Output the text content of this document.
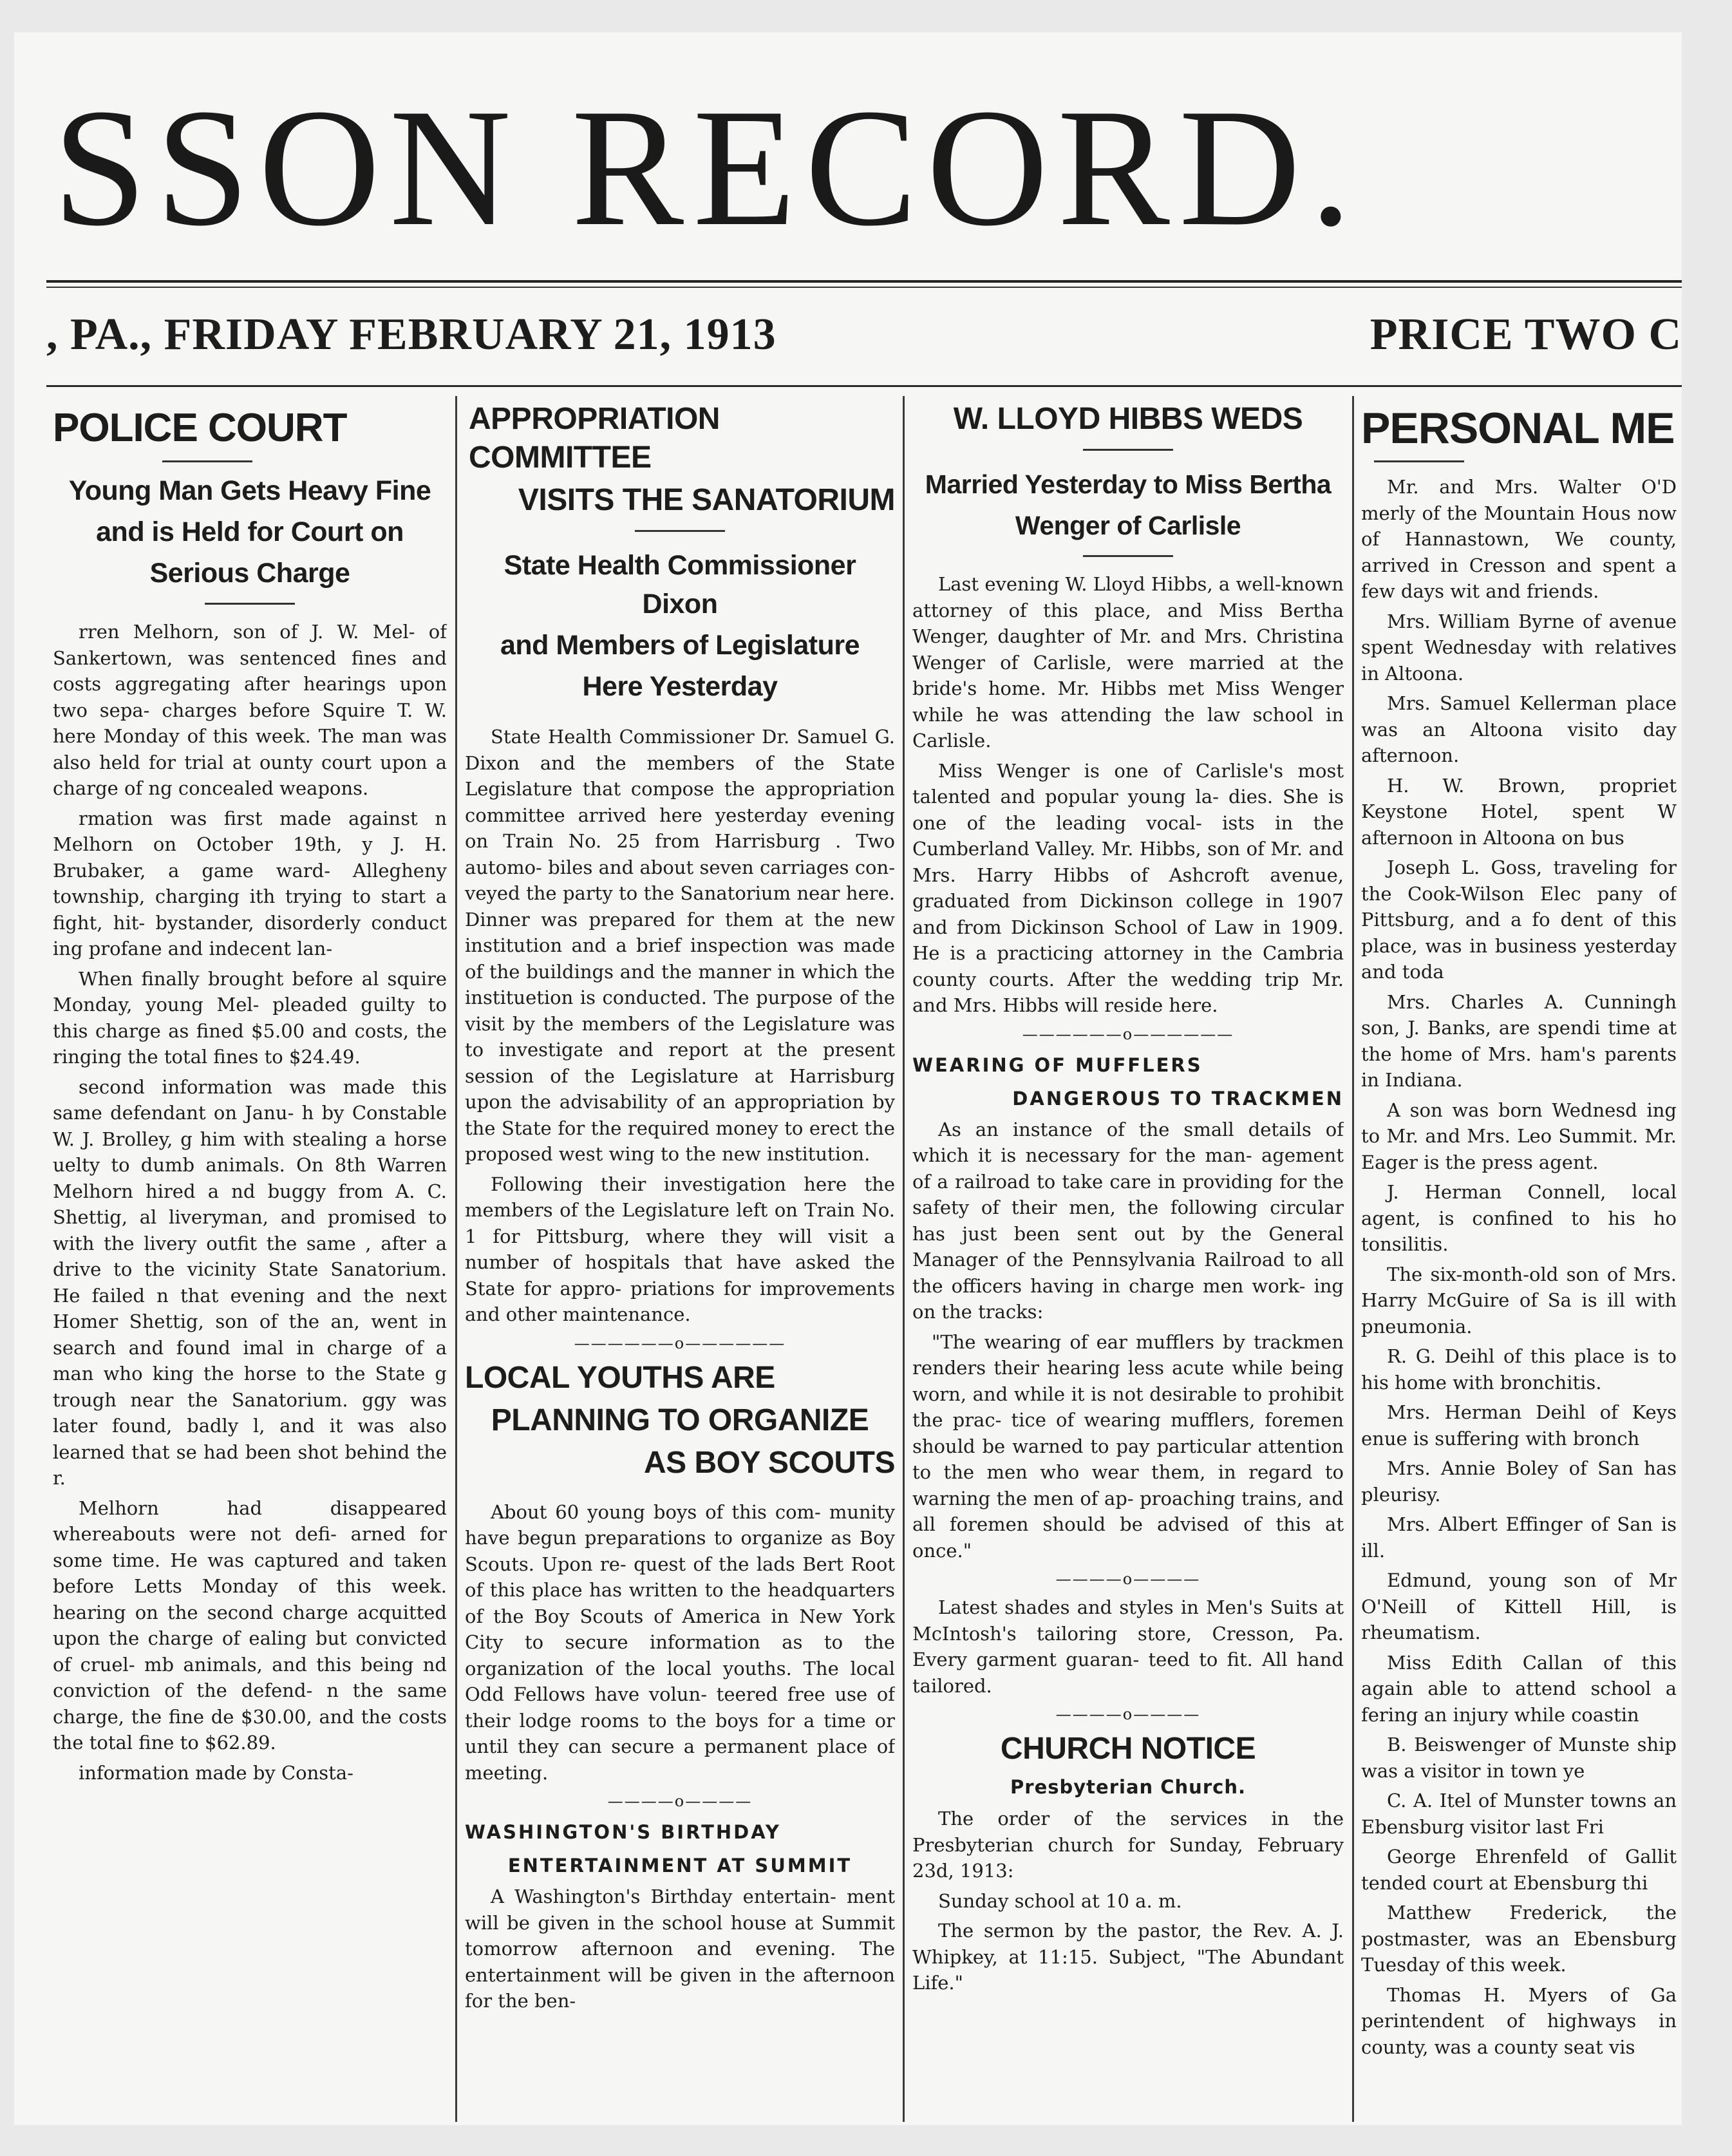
SSON RECORD.
, PA., FRIDAY FEBRUARY 21, 1913	PRICE TWO C
POLICE COURT
Young Man Gets Heavy Fine
and is Held for Court on
Serious Charge

rren Melhorn, son of J. W. Mel- of Sankertown, was sentenced fines and costs aggregating after hearings upon two sepa- charges before Squire T. W. here Monday of this week. The man was also held for trial at ounty court upon a charge of ng concealed weapons.

rmation was first made against n Melhorn on October 19th, y J. H. Brubaker, a game ward- Allegheny township, charging ith trying to start a fight, hit- bystander, disorderly conduct ing profane and indecent lan-

When finally brought before al squire Monday, young Mel- pleaded guilty to this charge as fined $5.00 and costs, the ringing the total fines to $24.49.

second information was made this same defendant on Janu- h by Constable W. J. Brolley, g him with stealing a horse uelty to dumb animals. On 8th Warren Melhorn hired a nd buggy from A. C. Shettig, al liveryman, and promised to with the livery outfit the same , after a drive to the vicinity State Sanatorium. He failed n that evening and the next Homer Shettig, son of the an, went in search and found imal in charge of a man who king the horse to the State g trough near the Sanatorium. ggy was later found, badly l, and it was also learned that se had been shot behind the r.

Melhorn had disappeared whereabouts were not defi- arned for some time. He was captured and taken before Letts Monday of this week. hearing on the second charge acquitted upon the charge of ealing but convicted of cruel- mb animals, and this being nd conviction of the defend- n the same charge, the fine de $30.00, and the costs the total fine to $62.89.

information made by Consta-

APPROPRIATION COMMITTEE
VISITS THE SANATORIUM
State Health Commissioner Dixon
and Members of Legislature
Here Yesterday

State Health Commissioner Dr. Samuel G. Dixon and the members of the State Legislature that compose the appropriation committee arrived here yesterday evening on Train No. 25 from Harrisburg . Two automo- biles and about seven carriages con- veyed the party to the Sanatorium near here. Dinner was prepared for them at the new institution and a brief inspection was made of the buildings and the manner in which the instituetion is conducted. The purpose of the visit by the members of the Legislature was to investigate and report at the present session of the Legislature at Harrisburg upon the advisability of an appropriation by the State for the required money to erect the proposed west wing to the new institution.

Following their investigation here the members of the Legislature left on Train No. 1 for Pittsburg, where they will visit a number of hospitals that have asked the State for appro- priations for improvements and other maintenance.

——————o——————
LOCAL YOUTHS ARE
PLANNING TO ORGANIZE
AS BOY SCOUTS

About 60 young boys of this com- munity have begun preparations to organize as Boy Scouts. Upon re- quest of the lads Bert Root of this place has written to the headquarters of the Boy Scouts of America in New York City to secure information as to the organization of the local youths. The local Odd Fellows have volun- teered free use of their lodge rooms to the boys for a time or until they can secure a permanent place of meeting.

————o————
WASHINGTON'S BIRTHDAY
ENTERTAINMENT AT SUMMIT

A Washington's Birthday entertain- ment will be given in the school house at Summit tomorrow afternoon and evening. The entertainment will be given in the afternoon for the ben-

W. LLOYD HIBBS WEDS
Married Yesterday to Miss Bertha
Wenger of Carlisle

Last evening W. Lloyd Hibbs, a well-known attorney of this place, and Miss Bertha Wenger, daughter of Mr. and Mrs. Christina Wenger of Carlisle, were married at the bride's home. Mr. Hibbs met Miss Wenger while he was attending the law school in Carlisle.

Miss Wenger is one of Carlisle's most talented and popular young la- dies. She is one of the leading vocal- ists in the Cumberland Valley. Mr. Hibbs, son of Mr. and Mrs. Harry Hibbs of Ashcroft avenue, graduated from Dickinson college in 1907 and from Dickinson School of Law in 1909. He is a practicing attorney in the Cambria county courts. After the wedding trip Mr. and Mrs. Hibbs will reside here.

——————o——————
WEARING OF MUFFLERS
DANGEROUS TO TRACKMEN

As an instance of the small details of which it is necessary for the man- agement of a railroad to take care in providing for the safety of their men, the following circular has just been sent out by the General Manager of the Pennsylvania Railroad to all the officers having in charge men work- ing on the tracks:

"The wearing of ear mufflers by trackmen renders their hearing less acute while being worn, and while it is not desirable to prohibit the prac- tice of wearing mufflers, foremen should be warned to pay particular attention to the men who wear them, in regard to warning the men of ap- proaching trains, and all foremen should be advised of this at once."

————o————

Latest shades and styles in Men's Suits at McIntosh's tailoring store, Cresson, Pa. Every garment guaran- teed to fit. All hand tailored.

————o————
CHURCH NOTICE
Presbyterian Church.

The order of the services in the Presbyterian church for Sunday, February 23d, 1913:

Sunday school at 10 a. m.

The sermon by the pastor, the Rev. A. J. Whipkey, at 11:15. Subject, "The Abundant Life."

PERSONAL ME

Mr. and Mrs. Walter O'D merly of the Mountain Hous now of Hannastown, We county, arrived in Cresson and spent a few days wit and friends.

Mrs. William Byrne of avenue spent Wednesday with relatives in Altoona.

Mrs. Samuel Kellerman place was an Altoona visito day afternoon.

H. W. Brown, propriet Keystone Hotel, spent W afternoon in Altoona on bus

Joseph L. Goss, traveling for the Cook-Wilson Elec pany of Pittsburg, and a fo dent of this place, was in business yesterday and toda

Mrs. Charles A. Cunningh son, J. Banks, are spendi time at the home of Mrs. ham's parents in Indiana.

A son was born Wednesd ing to Mr. and Mrs. Leo Summit. Mr. Eager is the press agent.

J. Herman Connell, local agent, is confined to his ho tonsilitis.

The six-month-old son of Mrs. Harry McGuire of Sa is ill with pneumonia.

R. G. Deihl of this place is to his home with bronchitis.

Mrs. Herman Deihl of Keys enue is suffering with bronch

Mrs. Annie Boley of San has pleurisy.

Mrs. Albert Effinger of San is ill.

Edmund, young son of Mr O'Neill of Kittell Hill, is rheumatism.

Miss Edith Callan of this again able to attend school a fering an injury while coastin

B. Beiswenger of Munste ship was a visitor in town ye

C. A. Itel of Munster towns an Ebensburg visitor last Fri

George Ehrenfeld of Gallit tended court at Ebensburg thi

Matthew Frederick, the postmaster, was an Ebensburg Tuesday of this week.

Thomas H. Myers of Ga perintendent of highways in county, was a county seat vis
